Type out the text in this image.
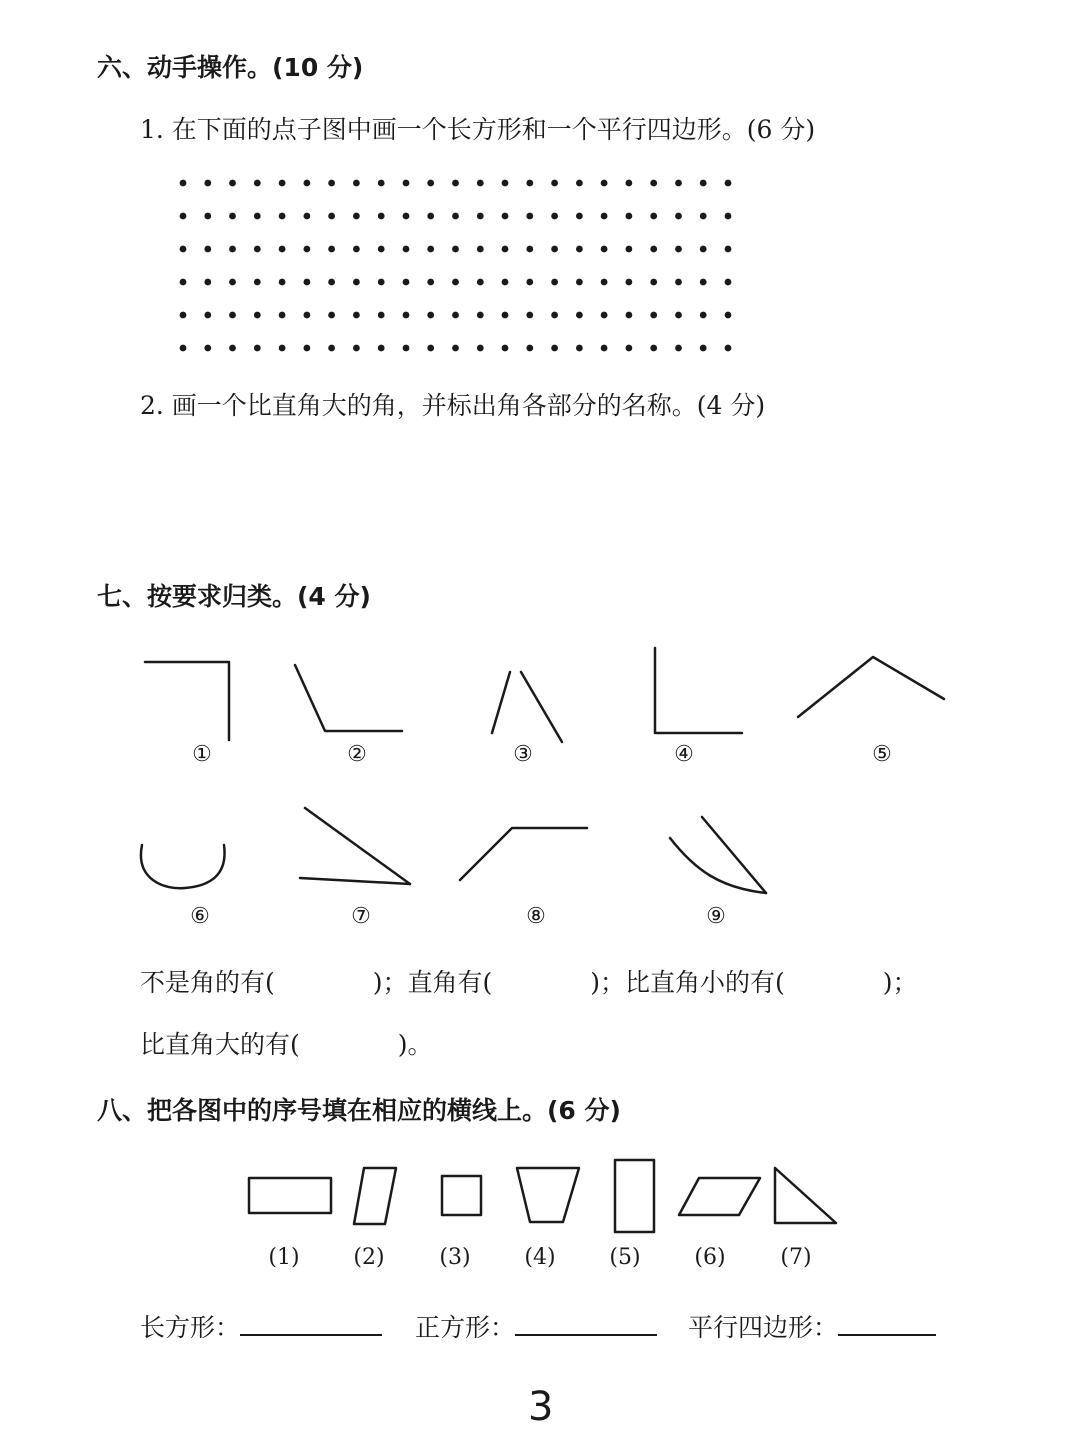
六、动手操作。(10 分)
1. 在下面的点子图中画一个长方形和一个平行四边形。(6 分)
2. 画一个比直角大的角，并标出角各部分的名称。(4 分)
七、按要求归类。(4 分)
①	②	③	④	⑤
⑥	⑦	⑧	⑨
不是角的有(	)；直角有(	)；比直角小的有(	)；
比直角大的有(	)。
八、把各图中的序号填在相应的横线上。(6 分)
(1)	(2)	(3)	(4)	(5)	(6)	(7)
长方形：	正方形：	平行四边形：
3
